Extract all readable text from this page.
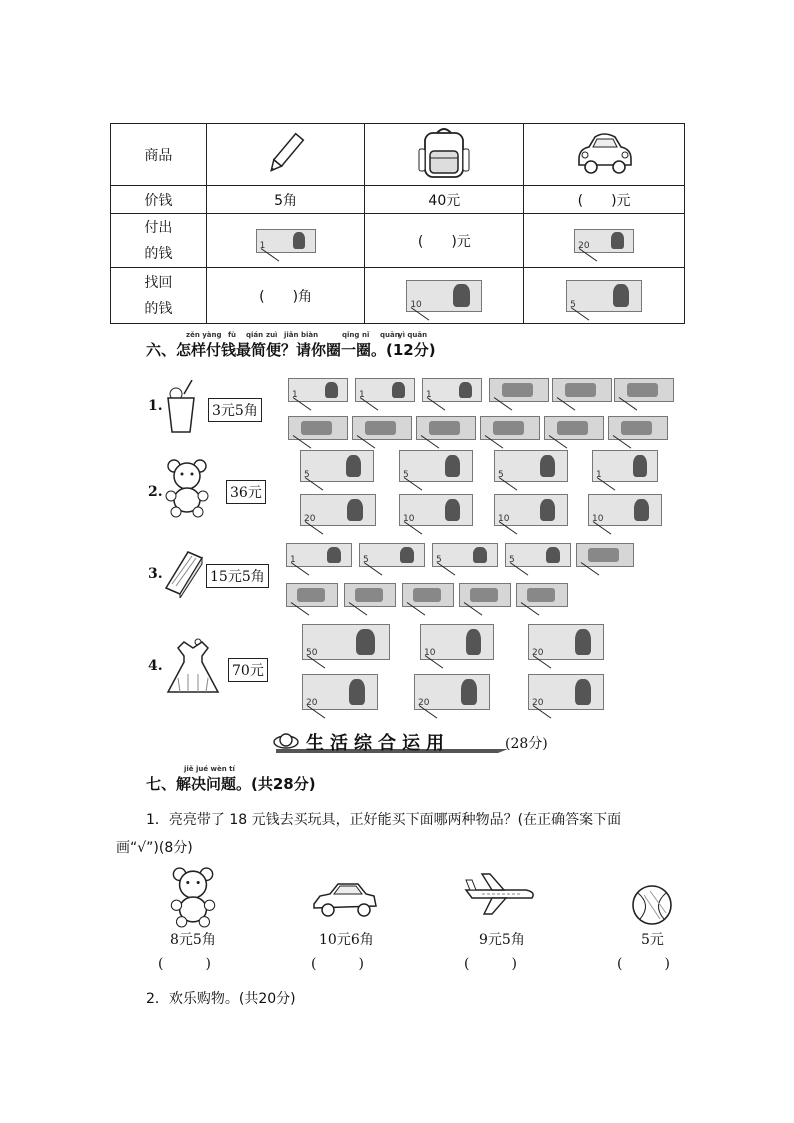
商品			
价钱	5角	40元	(　　)元
付出
的钱	1	(　　)元	20

找回
的钱	(　　)角	10	5
zěn yàng fù qián zuì jiǎn biàn	qǐng nǐ quān
yì quān
六、怎样付钱最简便？请你圈一圈。(12分)
1.	3元5角
1	1	1
2.	36元
5	5	5	1
20	10	10	10
3.	15元5角
1	5	5	5
4.	70元
50	10	20
20	20	20
生活综合运用	(28分)
jiě jué wèn tí
七、解决问题。(共28分)
1．亮亮带了 18 元钱去买玩具，正好能买下面哪两种物品？(在正确答案下面
画“√”)(8分)
8元5角	10元6角	9元5角	5元
(　　　)	(　　　)	(　　　)	(　　　)
2．欢乐购物。(共20分)
